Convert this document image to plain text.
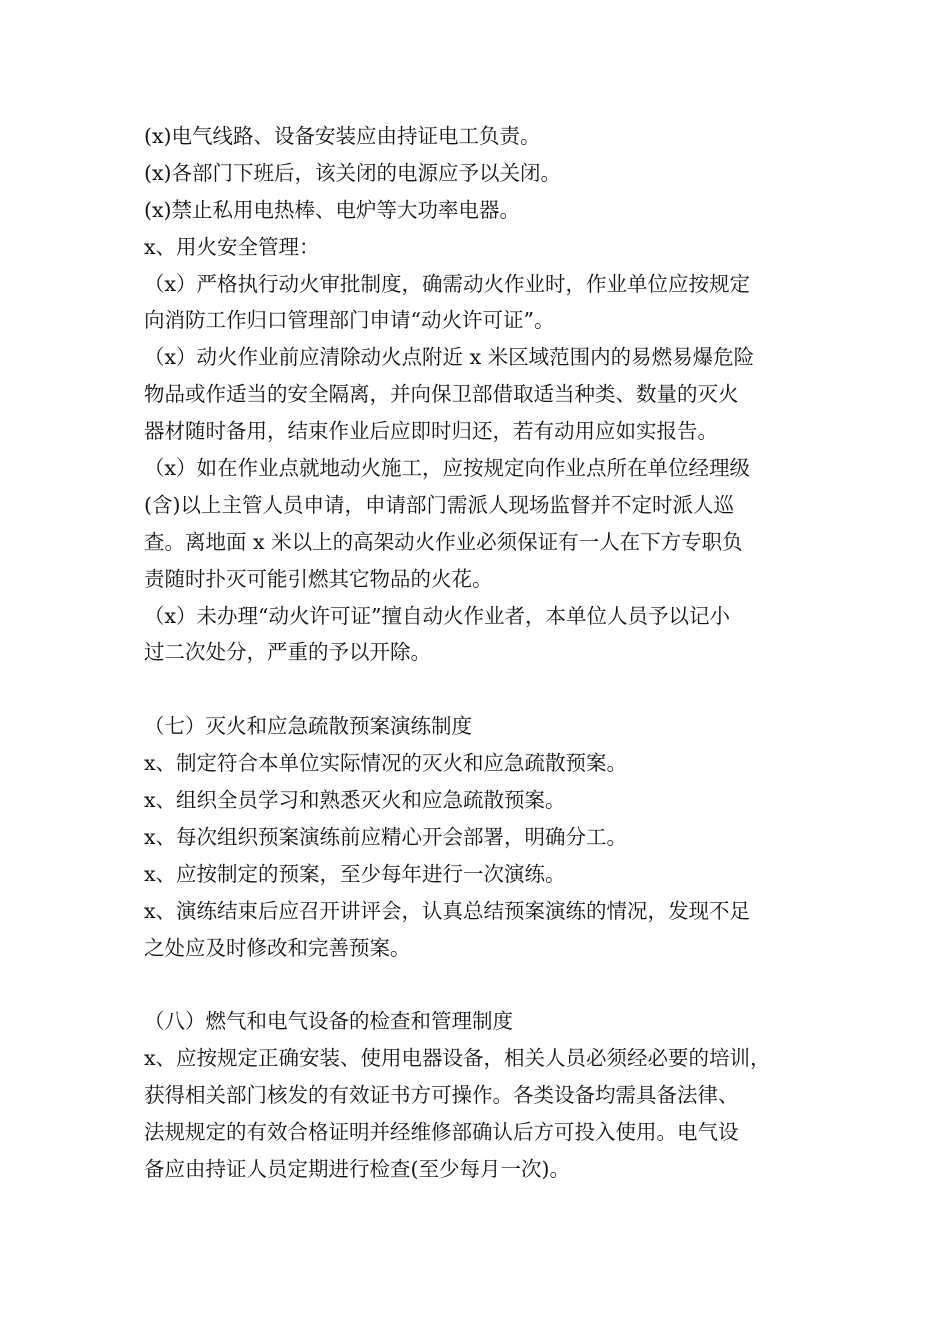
(x)电气线路、设备安装应由持证电工负责。

(x)各部门下班后，该关闭的电源应予以关闭。

(x)禁止私用电热棒、电炉等大功率电器。

x、用火安全管理：

（x）严格执行动火审批制度，确需动火作业时，作业单位应按规定

向消防工作归口管理部门申请“动火许可证”。

（x）动火作业前应清除动火点附近 x 米区域范围内的易燃易爆危险

物品或作适当的安全隔离，并向保卫部借取适当种类、数量的灭火

器材随时备用，结束作业后应即时归还，若有动用应如实报告。

（x）如在作业点就地动火施工，应按规定向作业点所在单位经理级

(含)以上主管人员申请，申请部门需派人现场监督并不定时派人巡

查。离地面 x 米以上的高架动火作业必须保证有一人在下方专职负

责随时扑灭可能引燃其它物品的火花。

（x）未办理“动火许可证”擅自动火作业者，本单位人员予以记小

过二次处分，严重的予以开除。

（七）灭火和应急疏散预案演练制度

x、制定符合本单位实际情况的灭火和应急疏散预案。

x、组织全员学习和熟悉灭火和应急疏散预案。

x、每次组织预案演练前应精心开会部署，明确分工。

x、应按制定的预案，至少每年进行一次演练。

x、演练结束后应召开讲评会，认真总结预案演练的情况，发现不足

之处应及时修改和完善预案。

（八）燃气和电气设备的检查和管理制度

x、应按规定正确安装、使用电器设备，相关人员必须经必要的培训，

获得相关部门核发的有效证书方可操作。各类设备均需具备法律、

法规规定的有效合格证明并经维修部确认后方可投入使用。电气设

备应由持证人员定期进行检查(至少每月一次)。
